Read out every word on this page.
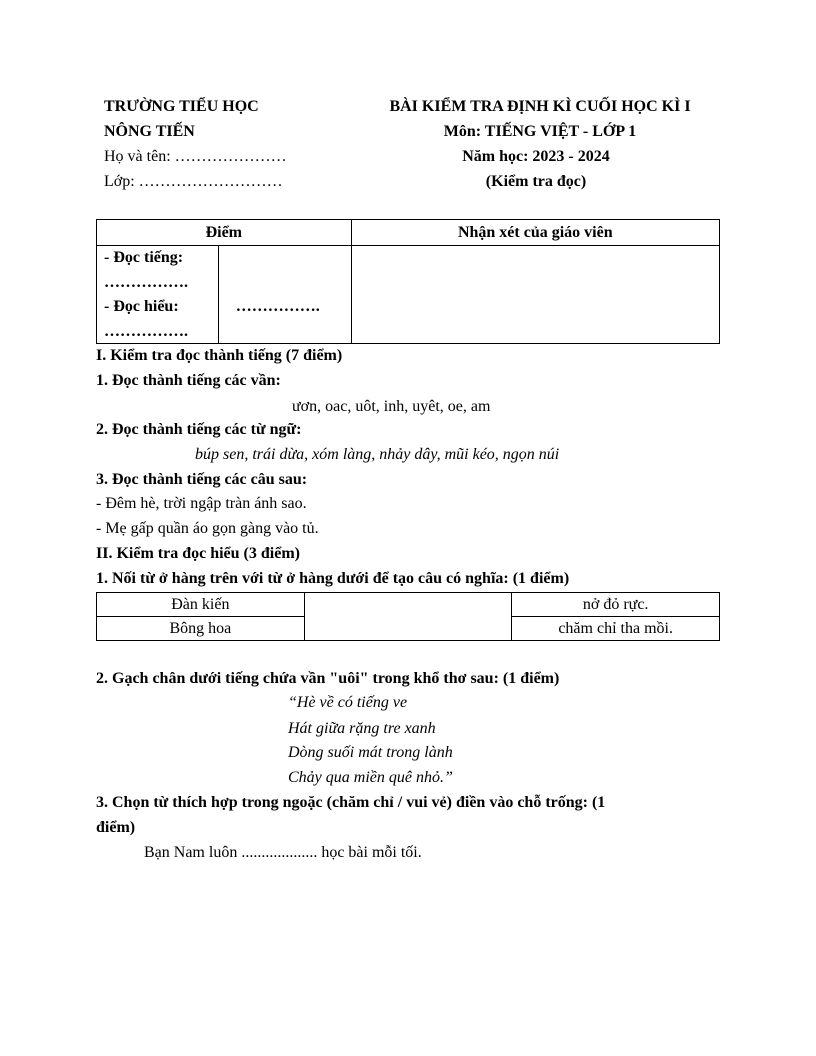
TRƯỜNG TIỂU HỌC
NÔNG TIẾN
Họ và tên: …………………
Lớp: ………………………
BÀI KIỂM TRA ĐỊNH KÌ CUỐI HỌC KÌ I
Môn: TIẾNG VIỆT - LỚP 1
Năm học: 2023 - 2024
(Kiểm tra đọc)
Điểm		Nhận xét của giáo viên

- Đọc tiếng:
…………….
- Đọc hiểu:
…………….	…………….	

I. Kiểm tra đọc thành tiếng (7 điểm)
1. Đọc thành tiếng các vần:
ươn, oac, uôt, inh, uyêt, oe, am
2. Đọc thành tiếng các từ ngữ:
búp sen, trái dừa, xóm làng, nhảy dây, mũi kéo, ngọn núi
3. Đọc thành tiếng các câu sau:
- Đêm hè, trời ngập tràn ánh sao.
- Mẹ gấp quần áo gọn gàng vào tủ.
II. Kiểm tra đọc hiểu (3 điểm)
1. Nối từ ở hàng trên với từ ở hàng dưới để tạo câu có nghĩa: (1 điểm)
Đàn kiến		nở đỏ rực.
Bông hoa		chăm chỉ tha mồi.
2. Gạch chân dưới tiếng chứa vần "uôi" trong khổ thơ sau: (1 điểm)
“Hè về có tiếng ve
Hát giữa rặng tre xanh
Dòng suối mát trong lành
Chảy qua miền quê nhỏ.”
3. Chọn từ thích hợp trong ngoặc (chăm chỉ / vui vẻ) điền vào chỗ trống: (1
điểm)
Bạn Nam luôn ................... học bài mỗi tối.
